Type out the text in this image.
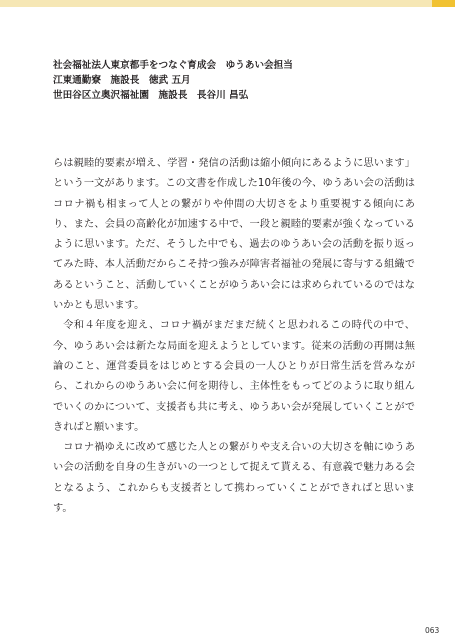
社会福祉法人東京都手をつなぐ育成会　ゆうあい会担当

江東通勤寮　施設長　徳武 五月

世田谷区立奥沢福祉園　施設長　長谷川 昌弘

らは親睦的要素が増え、学習・発信の活動は縮小傾向にあるように思います」という一文があります。この文書を作成した10年後の今、ゆうあい会の活動はコロナ禍も相まって人との繋がりや仲間の大切さをより重要視する傾向にあり、また、会員の高齢化が加速する中で、一段と親睦的要素が強くなっているように思います。ただ、そうした中でも、過去のゆうあい会の活動を振り返ってみた時、本人活動だからこそ持つ強みが障害者福祉の発展に寄与する組織であるということ、活動していくことがゆうあい会には求められているのではないかとも思います。

令和４年度を迎え、コロナ禍がまだまだ続くと思われるこの時代の中で、今、ゆうあい会は新たな局面を迎えようとしています。従来の活動の再開は無論のこと、運営委員をはじめとする会員の一人ひとりが日常生活を営みながら、これからのゆうあい会に何を期待し、主体性をもってどのように取り組んでいくのかについて、支援者も共に考え、ゆうあい会が発展していくことができればと願います。

コロナ禍ゆえに改めて感じた人との繋がりや支え合いの大切さを軸にゆうあい会の活動を自身の生きがいの一つとして捉えて貰える、有意義で魅力ある会となるよう、これからも支援者として携わっていくことができればと思います。

063
